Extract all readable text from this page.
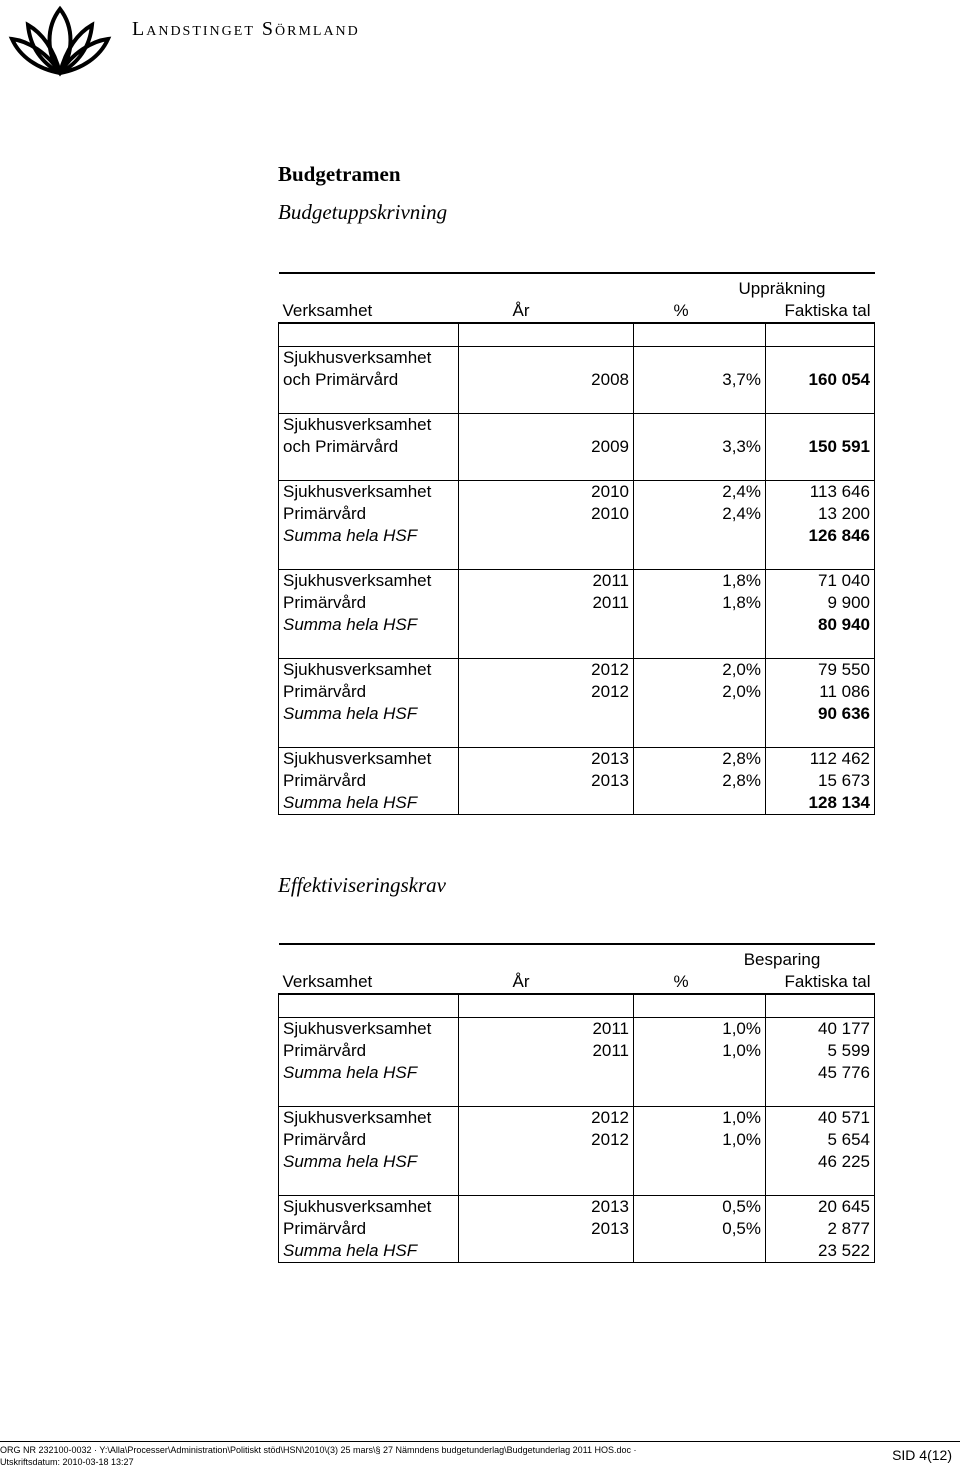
Landstinget Sörmland
Budgetramen
Budgetuppskrivning
		Uppräkning	
Verksamhet	År	%	Faktiska tal

Sjukhusverksamhet			
och Primärvård	2008	3,7%	160 054

Sjukhusverksamhet			
och Primärvård	2009	3,3%	150 591

Sjukhusverksamhet	2010	2,4%	113 646
Primärvård	2010	2,4%	13 200
Summa hela HSF			126 846

Sjukhusverksamhet	2011	1,8%	71 040
Primärvård	2011	1,8%	9 900
Summa hela HSF			80 940

Sjukhusverksamhet	2012	2,0%	79 550
Primärvård	2012	2,0%	11 086
Summa hela HSF			90 636

Sjukhusverksamhet	2013	2,8%	112 462
Primärvård	2013	2,8%	15 673
Summa hela HSF			128 134
Effektiviseringskrav
		Besparing	
Verksamhet	År	%	Faktiska tal

Sjukhusverksamhet	2011	1,0%	40 177
Primärvård	2011	1,0%	5 599
Summa hela HSF			45 776

Sjukhusverksamhet	2012	1,0%	40 571
Primärvård	2012	1,0%	5 654
Summa hela HSF			46 225

Sjukhusverksamhet	2013	0,5%	20 645
Primärvård	2013	0,5%	2 877
Summa hela HSF			23 522
ORG NR 232100-0032 · Y:\Alla\Processer\Administration\Politiskt stöd\HSN\2010\(3) 25 mars\§ 27 Nämndens budgetunderlag\Budgetunderlag 2011 HOS.doc ·
Utskriftsdatum: 2010-03-18 13:27	SID 4(12)
